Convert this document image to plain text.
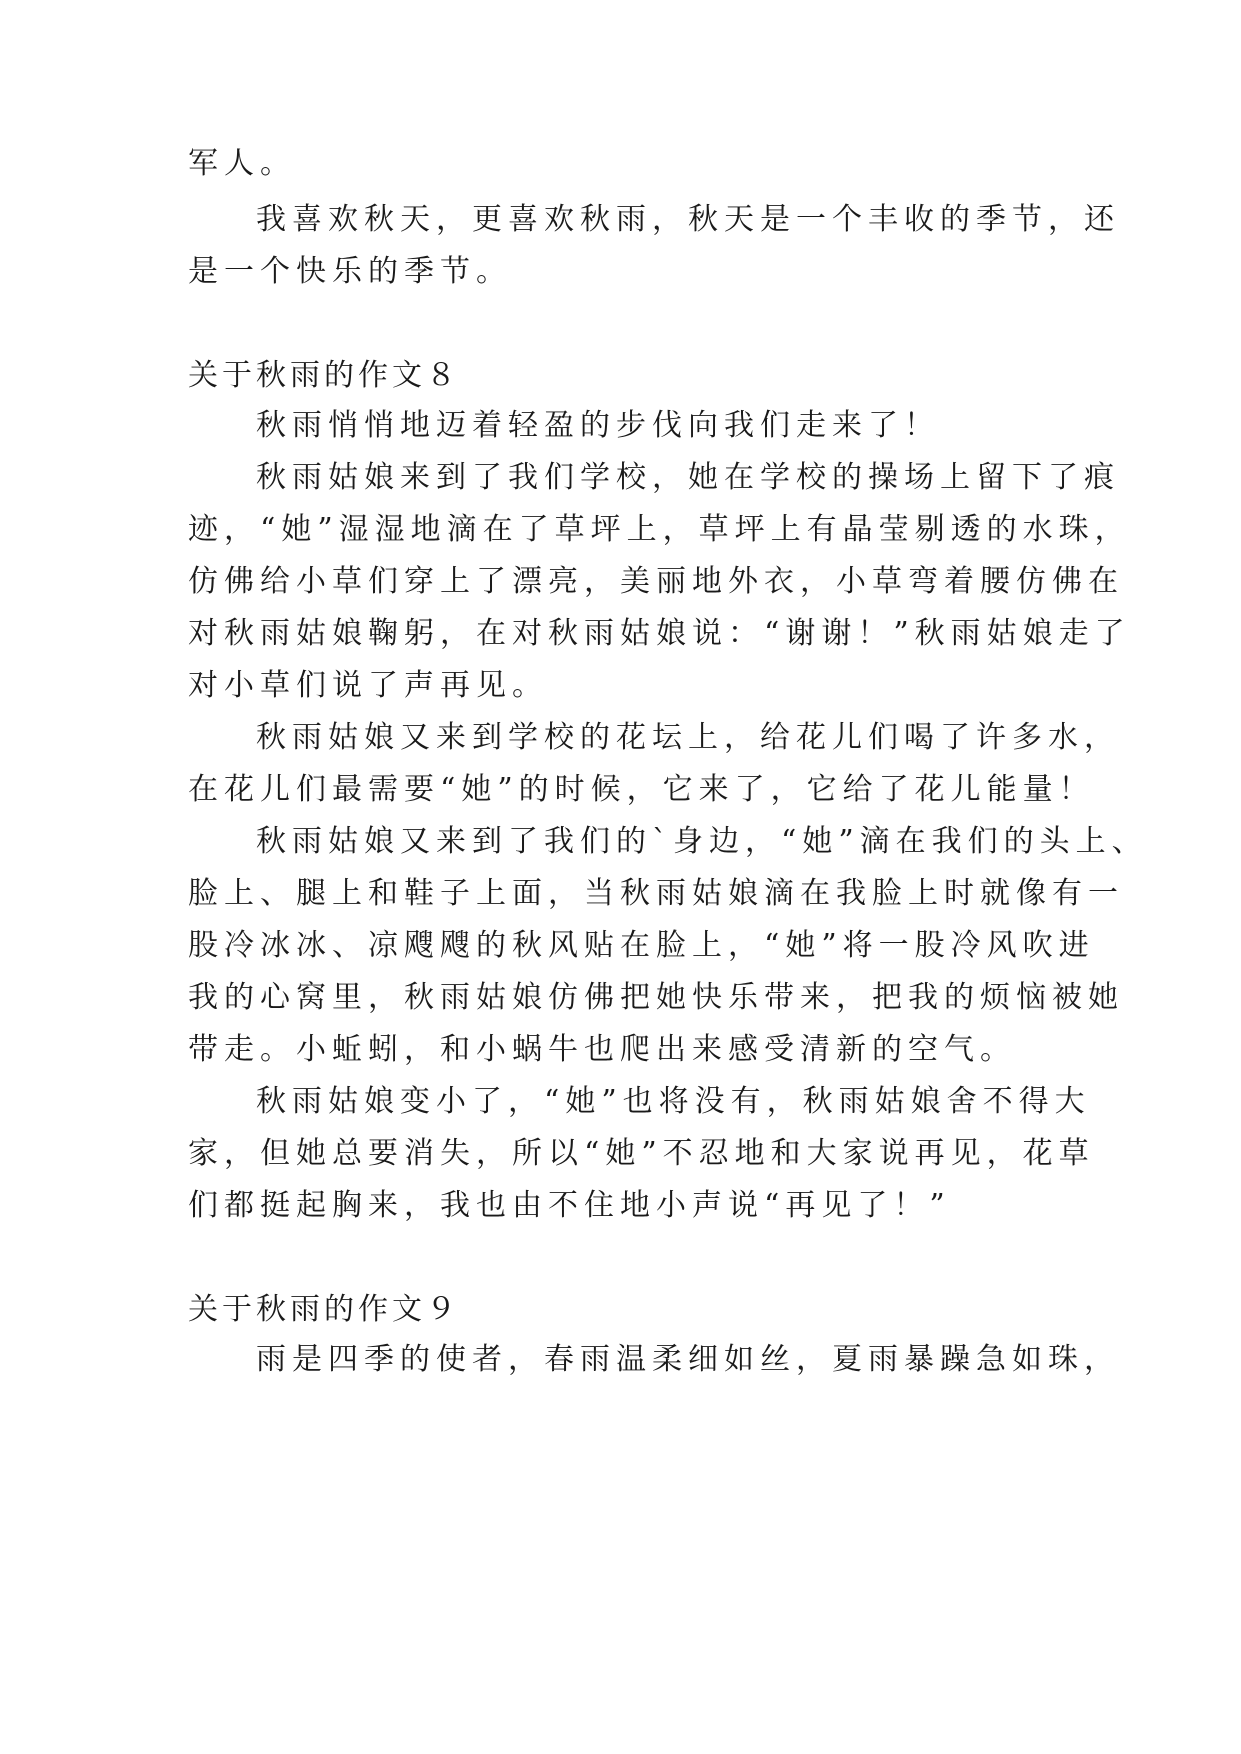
军人。

我喜欢秋天，更喜欢秋雨，秋天是一个丰收的季节，还

是一个快乐的季节。

关于秋雨的作文８

秋雨悄悄地迈着轻盈的步伐向我们走来了！

秋雨姑娘来到了我们学校，她在学校的操场上留下了痕

迹，“她”湿湿地滴在了草坪上，草坪上有晶莹剔透的水珠，

仿佛给小草们穿上了漂亮，美丽地外衣，小草弯着腰仿佛在

对秋雨姑娘鞠躬，在对秋雨姑娘说：“谢谢！”秋雨姑娘走了

对小草们说了声再见。

秋雨姑娘又来到学校的花坛上，给花儿们喝了许多水，

在花儿们最需要“她”的时候，它来了，它给了花儿能量！

秋雨姑娘又来到了我们的`身边，“她”滴在我们的头上、

脸上、腿上和鞋子上面，当秋雨姑娘滴在我脸上时就像有一

股冷冰冰、凉飕飕的秋风贴在脸上，“她”将一股冷风吹进

我的心窝里，秋雨姑娘仿佛把她快乐带来，把我的烦恼被她

带走。小蚯蚓，和小蜗牛也爬出来感受清新的空气。

秋雨姑娘变小了，“她”也将没有，秋雨姑娘舍不得大

家，但她总要消失，所以“她”不忍地和大家说再见，花草

们都挺起胸来，我也由不住地小声说“再见了！”

关于秋雨的作文９

雨是四季的使者，春雨温柔细如丝，夏雨暴躁急如珠，
